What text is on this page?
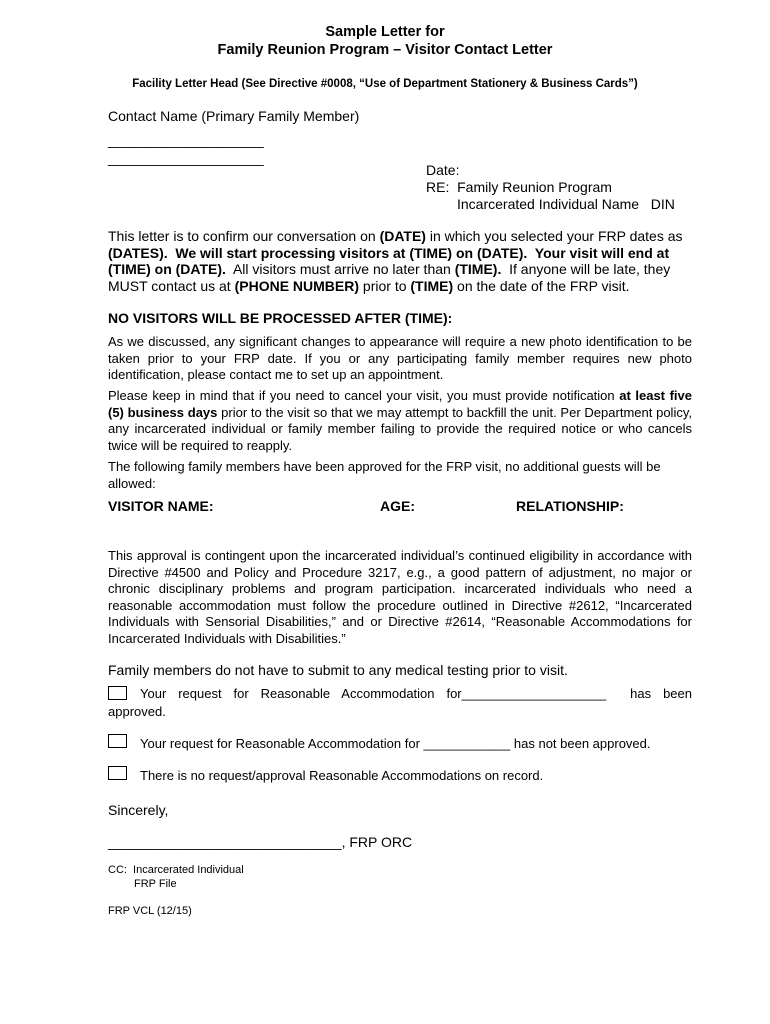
Sample Letter for
Family Reunion Program – Visitor Contact Letter
Facility Letter Head (See Directive #0008, “Use of Department Stationery & Business Cards”)
Contact Name (Primary Family Member)
____________________
____________________
Date:
RE:  Family Reunion Program
Incarcerated Individual Name   DIN
This letter is to confirm our conversation on (DATE) in which you selected your FRP dates as
(DATES).  We will start processing visitors at (TIME) on (DATE).  Your visit will end at
(TIME) on (DATE).  All visitors must arrive no later than (TIME).  If anyone will be late, they
MUST contact us at (PHONE NUMBER) prior to (TIME) on the date of the FRP visit.
NO VISITORS WILL BE PROCESSED AFTER (TIME):
As we discussed, any significant changes to appearance will require a new photo identification to be taken prior to your FRP date. If you or any participating family member requires new photo identification, please contact me to set up an appointment.
Please keep in mind that if you need to cancel your visit, you must provide notification at least five (5) business days prior to the visit so that we may attempt to backfill the unit. Per Department policy, any incarcerated individual or family member failing to provide the required notice or who cancels twice will be required to reapply.
The following family members have been approved for the FRP visit, no additional guests will be allowed:
VISITOR NAME:	AGE:	RELATIONSHIP:
This approval is contingent upon the incarcerated individual’s continued eligibility in accordance with Directive #4500 and Policy and Procedure 3217, e.g., a good pattern of adjustment, no major or chronic disciplinary problems and program participation. incarcerated individuals who need a reasonable accommodation must follow the procedure outlined in Directive #2612, “Incarcerated Individuals with Sensorial Disabilities,” and or Directive #2614, “Reasonable Accommodations for Incarcerated Individuals with Disabilities.”
Family members do not have to submit to any medical testing prior to visit.
Your request for Reasonable Accommodation for____________________  has been
approved.
Your request for Reasonable Accommodation for ____________ has not been approved.
There is no request/approval Reasonable Accommodations on record.
Sincerely,
______________________________, FRP ORC
CC:  Incarcerated Individual
FRP File
FRP VCL (12/15)
